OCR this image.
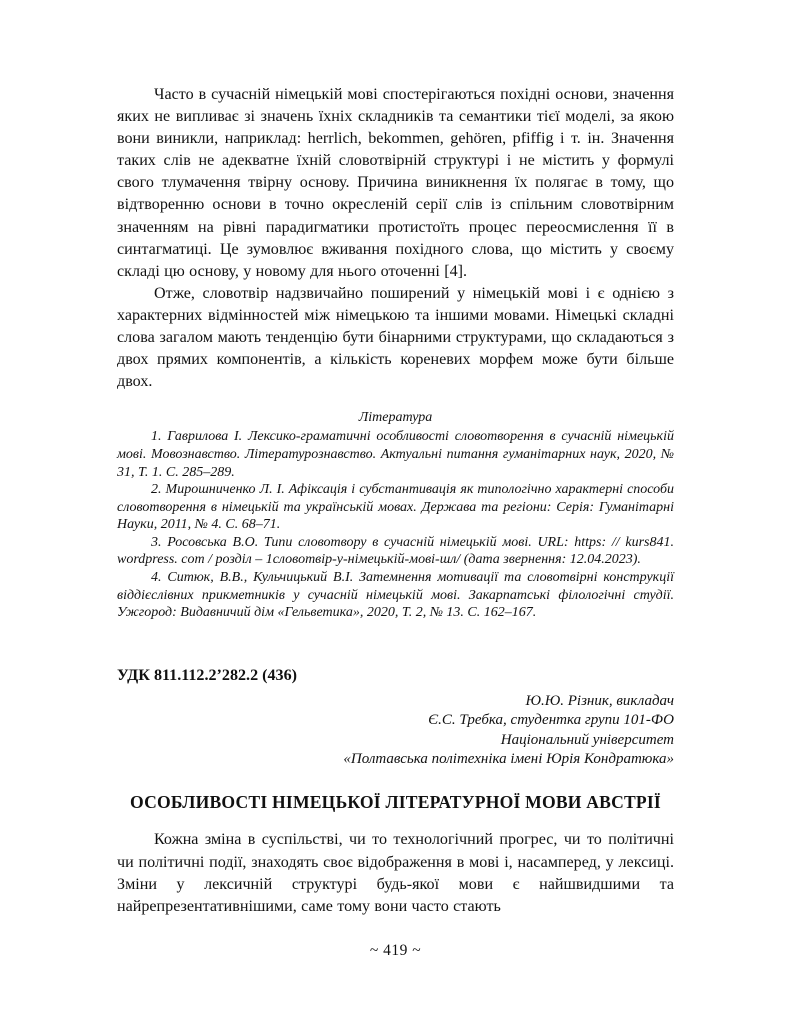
Часто в сучасній німецькій мові спостерігаються похідні основи, значення яких не випливає зі значень їхніх складників та семантики тієї моделі, за якою вони виникли, наприклад: herrlich, bekommen, gehören, pfiffig і т. ін. Значення таких слів не адекватне їхній словотвірній структурі і не містить у формулі свого тлумачення твірну основу. Причина виникнення їх полягає в тому, що відтворенню основи в точно окресленій серії слів із спільним словотвірним значенням на рівні парадигматики протистоїть процес переосмислення її в синтагматиці. Це зумовлює вживання похідного слова, що містить у своєму складі цю основу, у новому для нього оточенні [4].

Отже, словотвір надзвичайно поширений у німецькій мові і є однією з характерних відмінностей між німецькою та іншими мовами. Німецькі складні слова загалом мають тенденцію бути бінарними структурами, що складаються з двох прямих компонентів, а кількість кореневих морфем може бути більше двох.

Література

1. Гаврилова І. Лексико-граматичні особливості словотворення в сучасній німецькій мові. Мовознавство. Літературознавство. Актуальні питання гуманітарних наук, 2020, № 31, Т. 1. С. 285–289.

2. Мирошниченко Л. І. Афіксація і субстантивація як типологічно характерні способи словотворення в німецькій та українській мовах. Держава та регіони: Серія: Гуманітарні Науки, 2011, № 4. С. 68–71.

3. Росовська В.О. Типи словотвору в сучасній німецькій мові. URL: https: // kurs841. wordpress. com / розділ – 1словотвір-у-німецькій-мові-шл/ (дата звернення: 12.04.2023).

4. Ситюк, В.В., Кульчицький В.І. Затемнення мотивації та словотвірні конструкції віддієслівних прикметників у сучасній німецькій мові. Закарпатські філологічні студії. Ужгород: Видавничий дім «Гельветика», 2020, Т. 2, № 13. С. 162–167.

УДК 811.112.2’282.2 (436)

Ю.Ю. Різник, викладач
Є.С. Требка, студентка групи 101-ФО
Національний університет
«Полтавська політехніка імені Юрія Кондратюка»
ОСОБЛИВОСТІ НІМЕЦЬКОЇ ЛІТЕРАТУРНОЇ МОВИ АВСТРІЇ

Кожна зміна в суспільстві, чи то технологічний прогрес, чи то політичні чи політичні події, знаходять своє відображення в мові і, насамперед, у лексиці. Зміни у лексичній структурі будь-якої мови є найшвидшими та найрепрезентативнішими, саме тому вони часто стають

~ 419 ~
